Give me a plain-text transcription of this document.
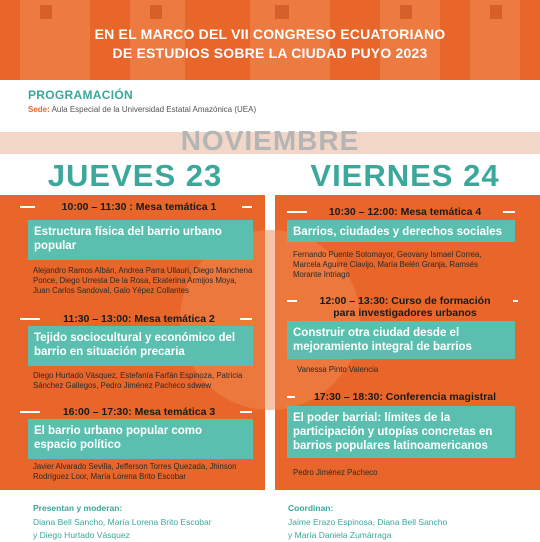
EN EL MARCO DEL VII CONGRESO ECUATORIANO
DE ESTUDIOS SOBRE LA CIUDAD PUYO 2023
PROGRAMACIÓN
Sede: Aula Especial de la Universidad Estatal Amazónica (UEA)
NOVIEMBRE
JUEVES 23	VIERNES 24
10:00 – 11:30 : Mesa temática 1
Estructura física del barrio urbano popular
Alejandro Ramos Albán, Andrea Parra Ullauri, Diego Manchena Ponce, Diego Urresta De la Rosa, Ekaterina Armijos Moya, Juan Carlos Sandoval, Galo Yépez Collantes
11:30 – 13:00: Mesa temática 2
Tejido sociocultural y económico del barrio en situación precaria
Diego Hurtado Vásquez, Estefanía Farfán Espinoza, Patricia Sánchez Gallegos, Pedro Jiménez Pacheco sdwew
16:00 – 17:30: Mesa temática 3
El barrio urbano popular como espacio político
Javier Alvarado Sevilla, Jefferson Torres Quezada, Jhinson Rodríguez Loor, María Lorena Brito Escobar
10:30 – 12:00: Mesa temática 4
Barrios, ciudades y derechos sociales
Fernando Puente Sotomayor, Geovany Ismael Correa, Marcela Aguirre Clavijo, María Belén Granja, Ramsés Morante Intriago
12:00 – 13:30: Curso de formación
para investigadores urbanos
Construir otra ciudad desde el mejoramiento integral de barrios
Vanessa Pinto Valencia
17:30 – 18:30: Conferencia magistral
El poder barrial: límites de la participación y utopías concretas en barrios populares latinoamericanos
Pedro Jiménez Pacheco
Presentan y moderan:
Diana Bell Sancho, María Lorena Brito Escobar
y Diego Hurtado Vásquez
Coordinan:
Jaime Erazo Espinosa, Diana Bell Sancho
y María Daniela Zumárraga
